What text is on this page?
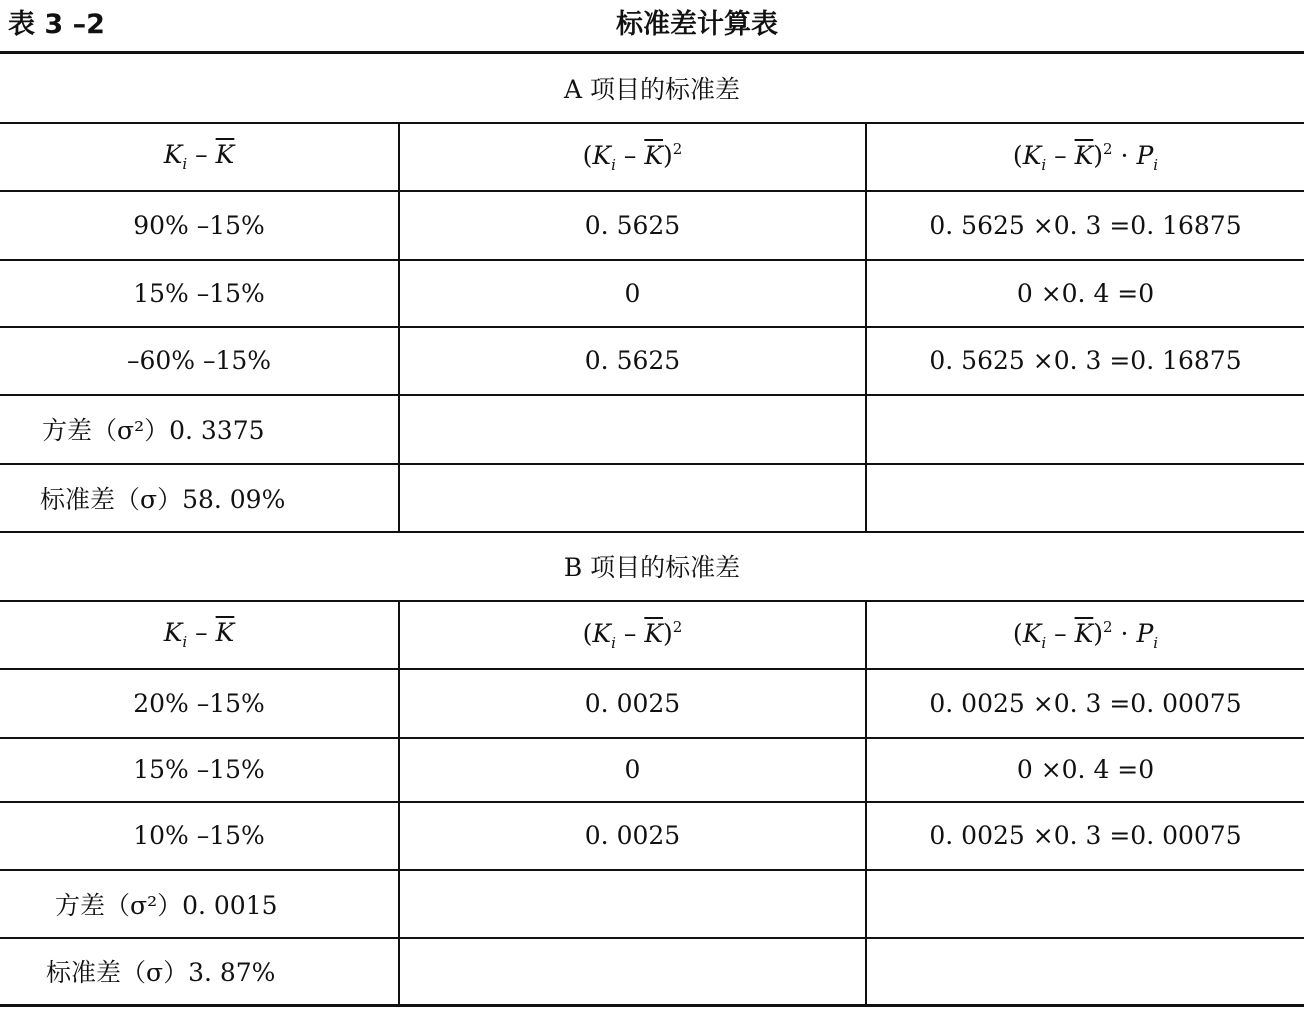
表 3 –2	标准差计算表
A 项目的标准差		
$K_i - \overline{K}$	$(K_i - \overline{K})^2$	$(K_i - \overline{K})^2 \cdot P_i$
90% –15%	0. 5625	0. 5625 ×0. 3 =0. 16875
15% –15%	0	0 ×0. 4 =0
–60% –15%	0. 5625	0. 5625 ×0. 3 =0. 16875
方差（σ²）0. 3375		
标准差（σ）58. 09%		
B 项目的标准差		
$K_i - \overline{K}$	$(K_i - \overline{K})^2$	$(K_i - \overline{K})^2 \cdot P_i$
20% –15%	0. 0025	0. 0025 ×0. 3 =0. 00075
15% –15%	0	0 ×0. 4 =0
10% –15%	0. 0025	0. 0025 ×0. 3 =0. 00075
方差（σ²）0. 0015		
标准差（σ）3. 87%		
